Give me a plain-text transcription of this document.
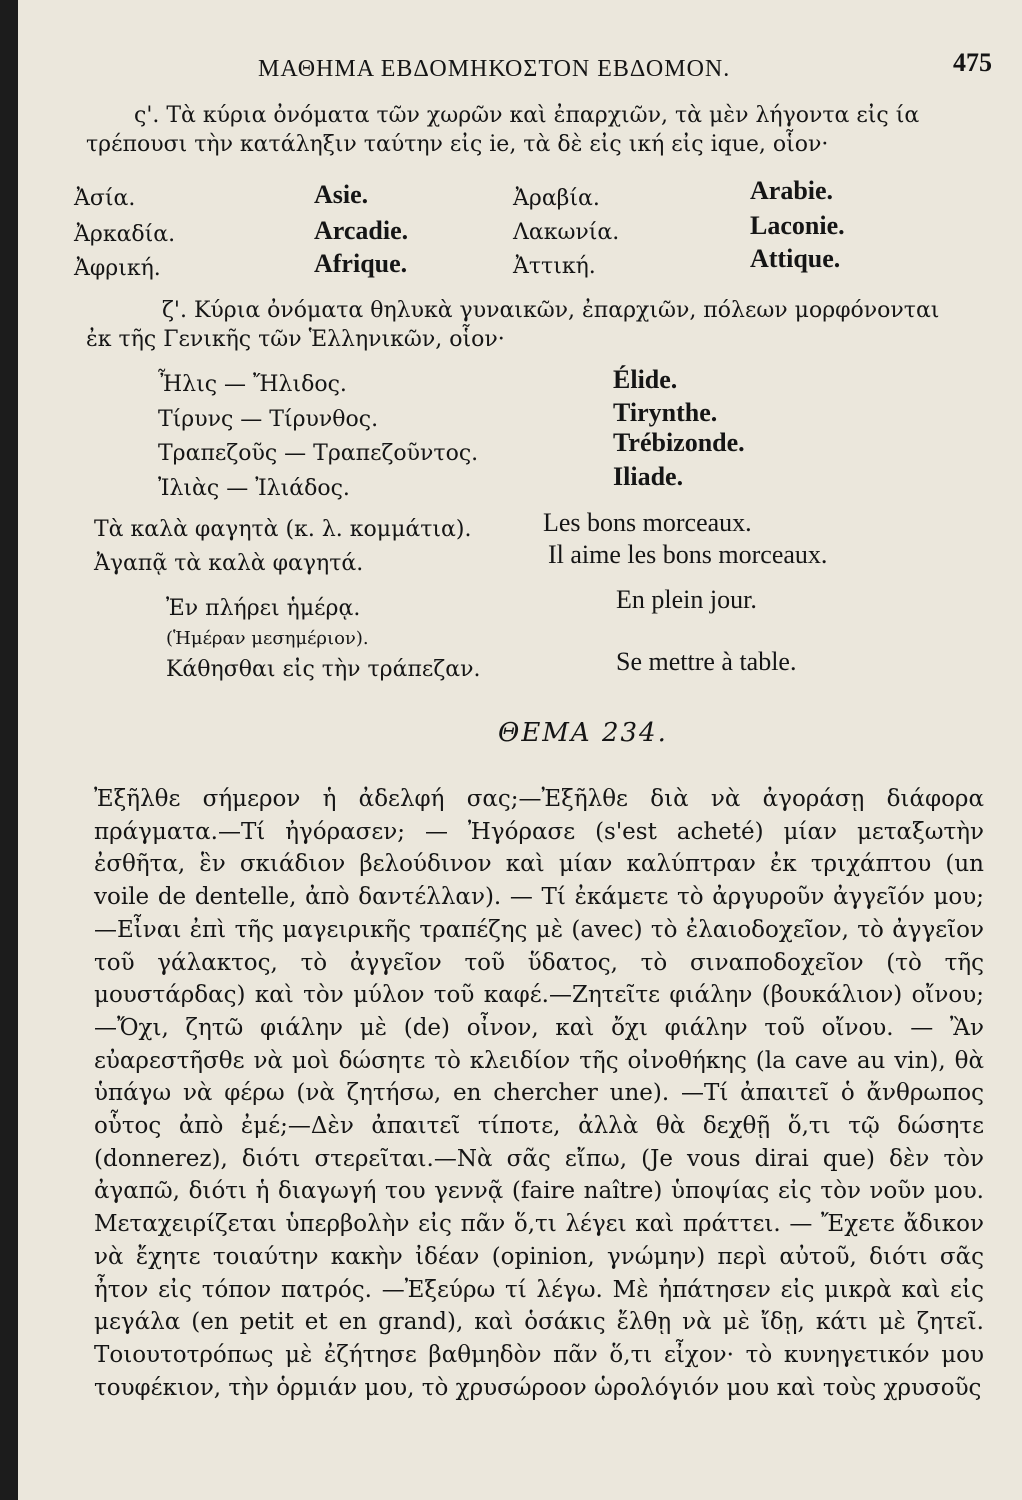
ΜΑΘΗΜΑ ΕΒΔΟΜΗΚΟΣΤΟΝ ΕΒΔΟΜΟΝ.	475

ς'. Τὰ κύρια ὀνόματα τῶν χωρῶν καὶ ἐπαρχιῶν, τὰ μὲν λήγοντα εἰς ία τρέπουσι τὴν κατάληξιν ταύτην εἰς ie, τὰ δὲ εἰς ική εἰς ique, οἷον·

Ἀσία.	Asie.	Ἀραβία.	Arabie.
Ἀρκαδία.	Arcadie.	Λακωνία.	Laconie.
Ἀφρική.	Afrique.	Ἀττική.	Attique.

ζ'. Κύρια ὀνόματα θηλυκὰ γυναικῶν, ἐπαρχιῶν, πόλεων μορφόνονται ἐκ τῆς Γενικῆς τῶν Ἑλληνικῶν, οἷον·

Ἦλις — Ἤλιδος.	Élide.
Τίρυνς — Τίρυνθος.	Tirynthe.
Τραπεζοῦς — Τραπεζοῦντος.	Trébizonde.
Ἰλιὰς — Ἰλιάδος.	Iliade.
Τὰ καλὰ φαγητὰ (κ. λ. κομμάτια).	Les bons morceaux.
Ἀγαπᾷ τὰ καλὰ φαγητά.	Il aime les bons morceaux.
Ἐν πλήρει ἡμέρᾳ.	En plein jour.
(Ἡμέραν μεσημέριον).
Κάθησθαι εἰς τὴν τράπεζαν.	Se mettre à table.
ΘΕΜΑ 234.

Ἐξῆλθε σήμερον ἡ ἀδελφή σας;—Ἐξῆλθε διὰ νὰ ἀγοράσῃ διάφορα πράγματα.—Τί ἠγόρασεν; — Ἠγόρασε (s'est acheté) μίαν μεταξωτὴν ἐσθῆτα, ἓν σκιάδιον βελούδινον καὶ μίαν καλύπτραν ἐκ τριχάπτου (un voile de dentelle, ἀπὸ δαντέλλαν). — Τί ἐκάμετε τὸ ἀργυροῦν ἀγγεῖόν μου; —Εἶναι ἐπὶ τῆς μαγειρικῆς τραπέζης μὲ (avec) τὸ ἐλαιοδοχεῖον, τὸ ἀγγεῖον τοῦ γάλακτος, τὸ ἀγγεῖον τοῦ ὕδατος, τὸ σιναποδοχεῖον (τὸ τῆς μουστάρδας) καὶ τὸν μύλον τοῦ καφέ.—Ζητεῖτε φιάλην (βουκάλιον) οἴνου;—Ὄχι, ζητῶ φιάλην μὲ (de) οἶνον, καὶ ὄχι φιάλην τοῦ οἴνου. — Ἂν εὐαρεστῆσθε νὰ μοὶ δώσητε τὸ κλειδίον τῆς οἰνοθήκης (la cave au vin), θὰ ὑπάγω νὰ φέρω (νὰ ζητήσω, en chercher une). —Τί ἀπαιτεῖ ὁ ἄνθρωπος οὗτος ἀπὸ ἐμέ;—Δὲν ἀπαιτεῖ τίποτε, ἀλλὰ θὰ δεχθῇ ὅ,τι τῷ δώσητε (donnerez), διότι στερεῖται.—Νὰ σᾶς εἴπω, (Je vous dirai que) δὲν τὸν ἀγαπῶ, διότι ἡ διαγωγή του γεννᾷ (faire naître) ὑποψίας εἰς τὸν νοῦν μου. Μεταχειρίζεται ὑπερβολὴν εἰς πᾶν ὅ,τι λέγει καὶ πράττει. — Ἔχετε ἄδικον νὰ ἔχητε τοιαύτην κακὴν ἰδέαν (opinion, γνώμην) περὶ αὐτοῦ, διότι σᾶς ἦτον εἰς τόπον πατρός. —Ἐξεύρω τί λέγω. Μὲ ἠπάτησεν εἰς μικρὰ καὶ εἰς μεγάλα (en petit et en grand), καὶ ὁσάκις ἔλθῃ νὰ μὲ ἴδῃ, κάτι μὲ ζητεῖ. Τοιουτοτρόπως μὲ ἐζήτησε βαθμηδὸν πᾶν ὅ,τι εἶχον· τὸ κυνηγετικόν μου τουφέκιον, τὴν ὁρμιάν μου, τὸ χρυσώροον ὡρολόγιόν μου καὶ τοὺς χρυσοῦς
